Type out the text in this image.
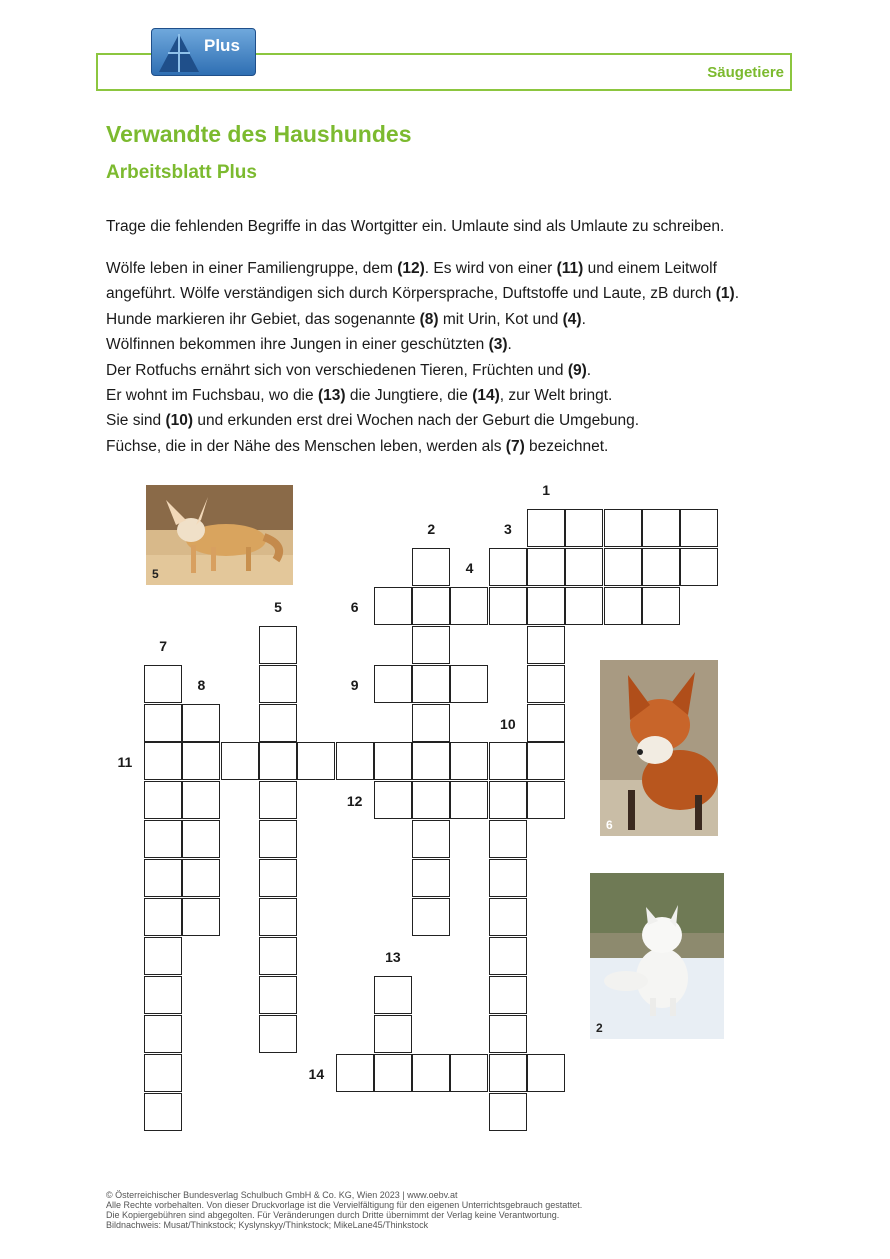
Plus
Säugetiere
Verwandte des Haushundes
Arbeitsblatt Plus
Trage die fehlenden Begriffe in das Wortgitter ein. Umlaute sind als Umlaute zu schreiben.
Wölfe leben in einer Familiengruppe, dem (12). Es wird von einer (11) und einem Leitwolf
angeführt. Wölfe verständigen sich durch Körpersprache, Duftstoffe und Laute, zB durch (1).
Hunde markieren ihr Gebiet, das sogenannte (8) mit Urin, Kot und (4).
Wölfinnen bekommen ihre Jungen in einer geschützten (3).
Der Rotfuchs ernährt sich von verschiedenen Tieren, Früchten und (9).
Er wohnt im Fuchsbau, wo die (13) die Jungtiere, die (14), zur Welt bringt.
Sie sind (10) und erkunden erst drei Wochen nach der Geburt die Umgebung.
Füchse, die in der Nähe des Menschen leben, werden als (7) bezeichnet.
1
2	3
4
5	6
7
8	9
10
11
12
13
14
5
6
2
© Österreichischer Bundesverlag Schulbuch GmbH & Co. KG, Wien 2023 | www.oebv.at
Alle Rechte vorbehalten. Von dieser Druckvorlage ist die Vervielfältigung für den eigenen Unterrichtsgebrauch gestattet.
Die Kopiergebühren sind abgegolten. Für Veränderungen durch Dritte übernimmt der Verlag keine Verantwortung.
Bildnachweis: Musat/Thinkstock; Kyslynskyy/Thinkstock; MikeLane45/Thinkstock
